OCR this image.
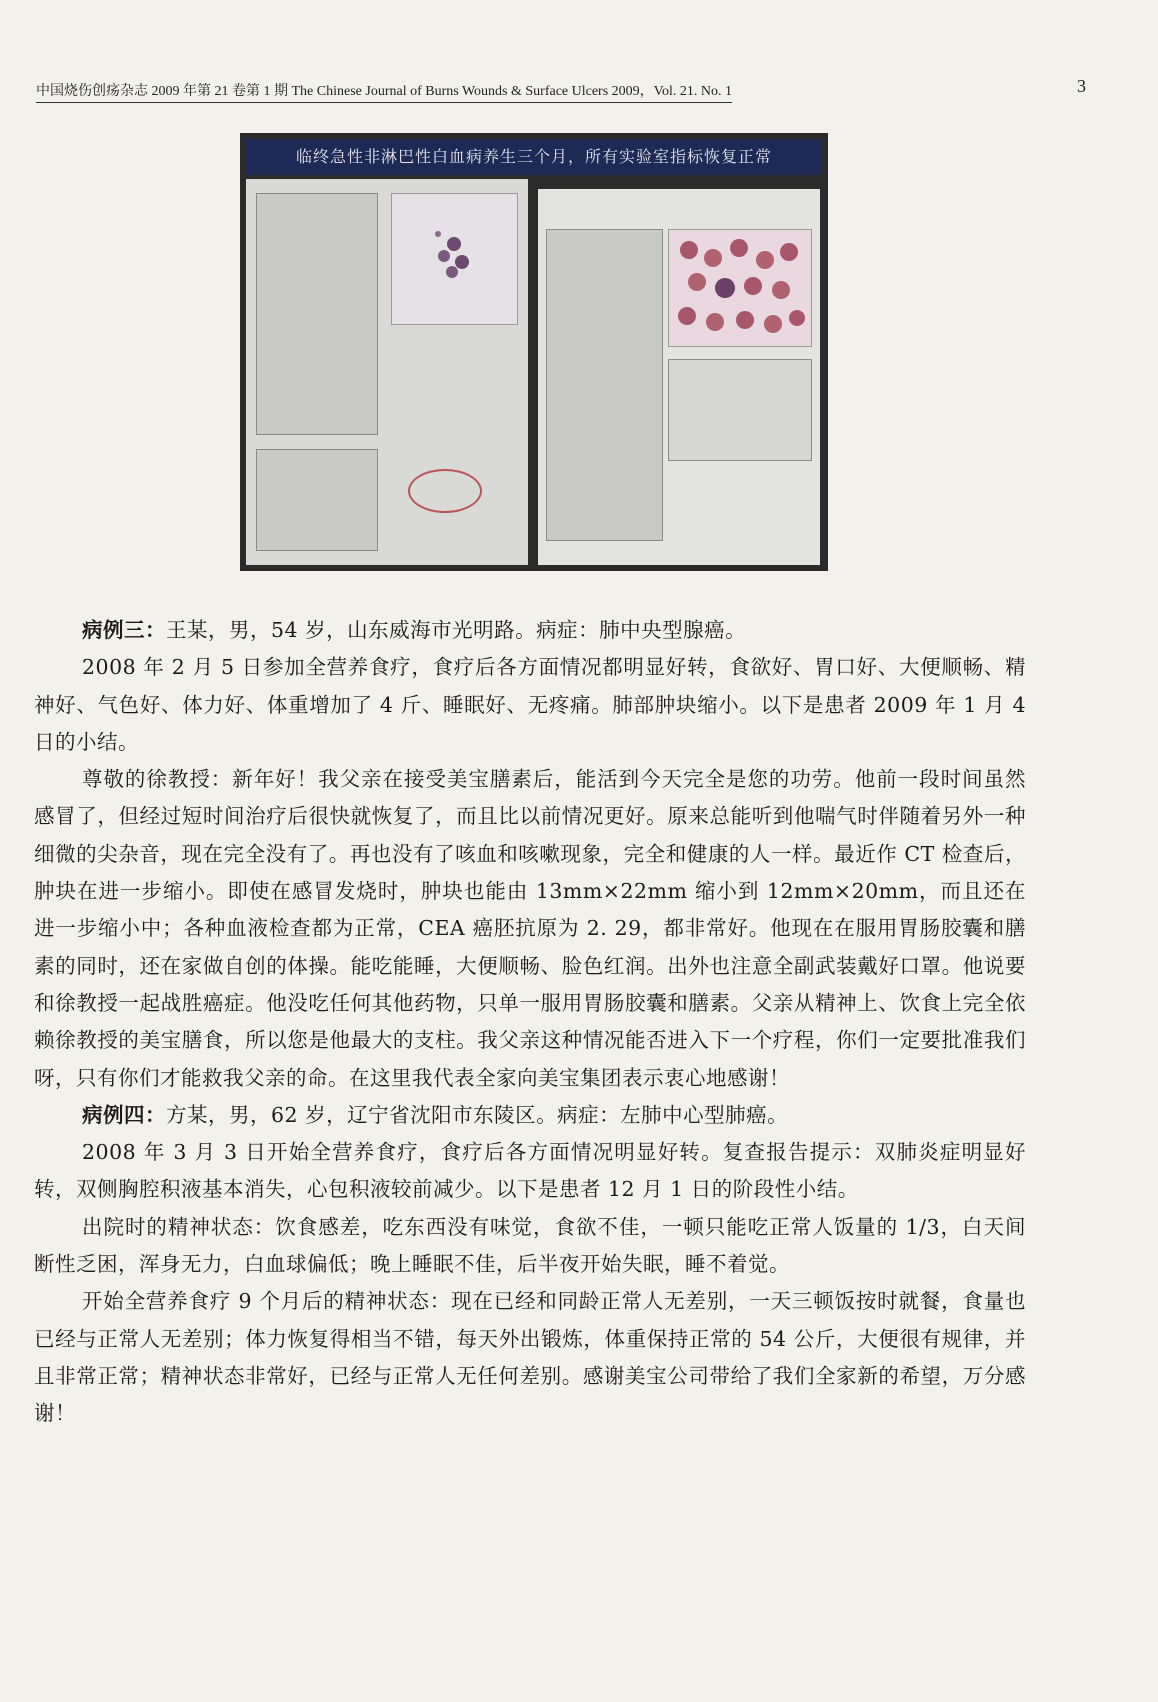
中国烧伤创疡杂志 2009 年第 21 卷第 1 期 The Chinese Journal of Burns Wounds & Surface Ulcers 2009，Vol. 21. No. 1	3
临终急性非淋巴性白血病养生三个月，所有实验室指标恢复正常

病例三：王某，男，54 岁，山东威海市光明路。病症：肺中央型腺癌。

2008 年 2 月 5 日参加全营养食疗，食疗后各方面情况都明显好转，食欲好、胃口好、大便顺畅、精神好、气色好、体力好、体重增加了 4 斤、睡眠好、无疼痛。肺部肿块缩小。以下是患者 2009 年 1 月 4 日的小结。

尊敬的徐教授：新年好！我父亲在接受美宝膳素后，能活到今天完全是您的功劳。他前一段时间虽然感冒了，但经过短时间治疗后很快就恢复了，而且比以前情况更好。原来总能听到他喘气时伴随着另外一种细微的尖杂音，现在完全没有了。再也没有了咳血和咳嗽现象，完全和健康的人一样。最近作 CT 检查后，肿块在进一步缩小。即使在感冒发烧时，肿块也能由 13mm×22mm 缩小到 12mm×20mm，而且还在进一步缩小中；各种血液检查都为正常，CEA 癌胚抗原为 2. 29，都非常好。他现在在服用胃肠胶囊和膳素的同时，还在家做自创的体操。能吃能睡，大便顺畅、脸色红润。出外也注意全副武装戴好口罩。他说要和徐教授一起战胜癌症。他没吃任何其他药物，只单一服用胃肠胶囊和膳素。父亲从精神上、饮食上完全依赖徐教授的美宝膳食，所以您是他最大的支柱。我父亲这种情况能否进入下一个疗程，你们一定要批准我们呀，只有你们才能救我父亲的命。在这里我代表全家向美宝集团表示衷心地感谢！

病例四：方某，男，62 岁，辽宁省沈阳市东陵区。病症：左肺中心型肺癌。

2008 年 3 月 3 日开始全营养食疗，食疗后各方面情况明显好转。复查报告提示：双肺炎症明显好转，双侧胸腔积液基本消失，心包积液较前减少。以下是患者 12 月 1 日的阶段性小结。

出院时的精神状态：饮食感差，吃东西没有味觉，食欲不佳，一顿只能吃正常人饭量的 1/3，白天间断性乏困，浑身无力，白血球偏低；晚上睡眠不佳，后半夜开始失眠，睡不着觉。

开始全营养食疗 9 个月后的精神状态：现在已经和同龄正常人无差别，一天三顿饭按时就餐，食量也已经与正常人无差别；体力恢复得相当不错，每天外出锻炼，体重保持正常的 54 公斤，大便很有规律，并且非常正常；精神状态非常好，已经与正常人无任何差别。感谢美宝公司带给了我们全家新的希望，万分感谢！
